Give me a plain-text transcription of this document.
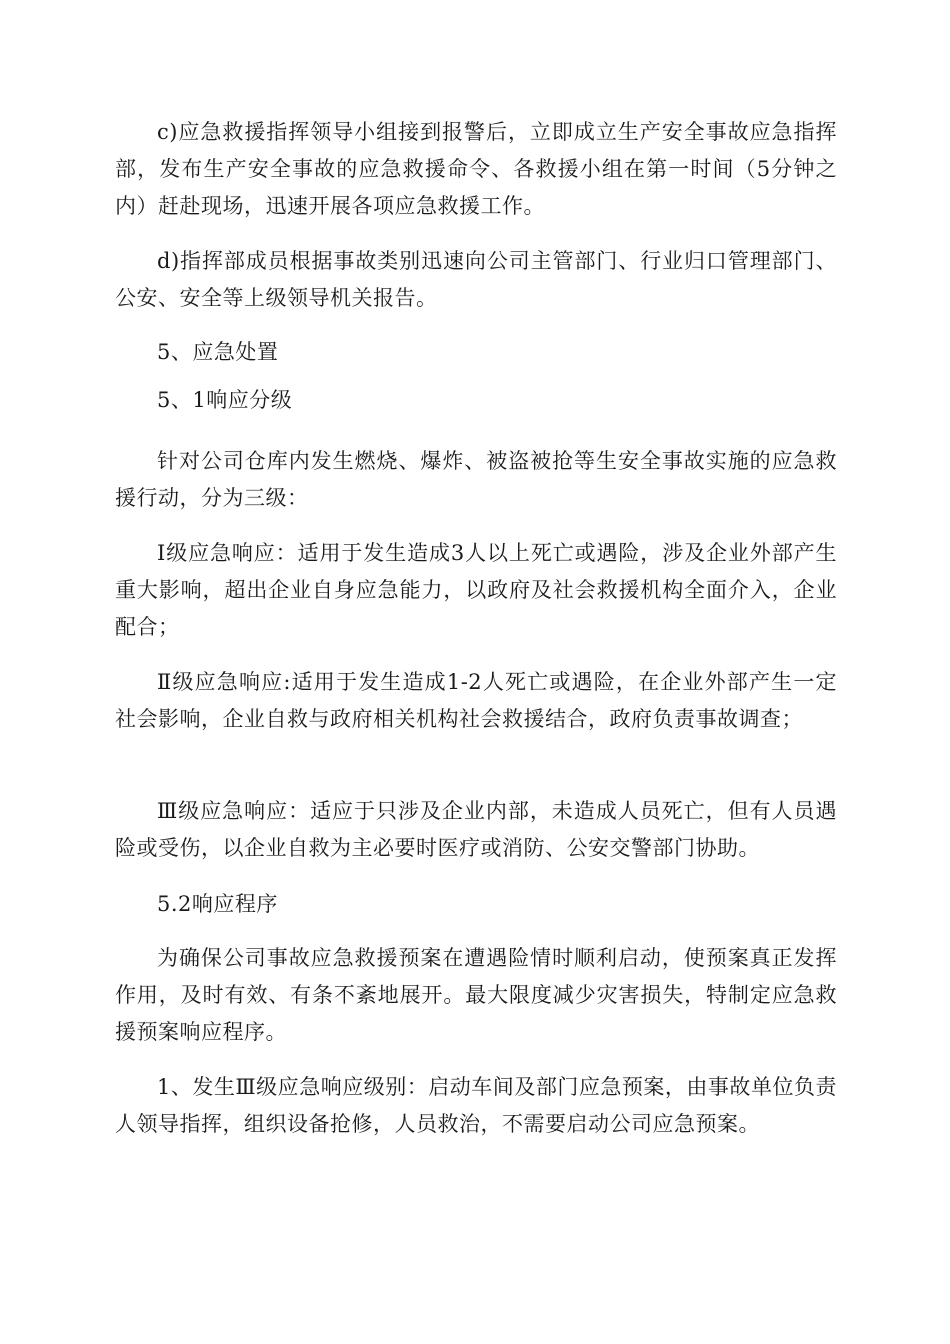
c)应急救援指挥领导小组接到报警后，立即成立生产安全事故应急指挥部，发布生产安全事故的应急救援命令、各救援小组在第一时间（5分钟之内）赶赴现场，迅速开展各项应急救援工作。

d)指挥部成员根据事故类别迅速向公司主管部门、行业归口管理部门、公安、安全等上级领导机关报告。

5、应急处置

5、1响应分级

针对公司仓库内发生燃烧、爆炸、被盗被抢等生安全事故实施的应急救援行动，分为三级：

Ⅰ级应急响应：适用于发生造成3人以上死亡或遇险，涉及企业外部产生重大影响，超出企业自身应急能力，以政府及社会救援机构全面介入，企业配合；

Ⅱ级应急响应:适用于发生造成1-2人死亡或遇险，在企业外部产生一定社会影响，企业自救与政府相关机构社会救援结合，政府负责事故调查；

Ⅲ级应急响应：适应于只涉及企业内部，未造成人员死亡，但有人员遇险或受伤，以企业自救为主必要时医疗或消防、公安交警部门协助。

5.2响应程序

为确保公司事故应急救援预案在遭遇险情时顺利启动，使预案真正发挥作用，及时有效、有条不紊地展开。最大限度减少灾害损失，特制定应急救援预案响应程序。

1、发生Ⅲ级应急响应级别：启动车间及部门应急预案，由事故单位负责人领导指挥，组织设备抢修，人员救治，不需要启动公司应急预案。
